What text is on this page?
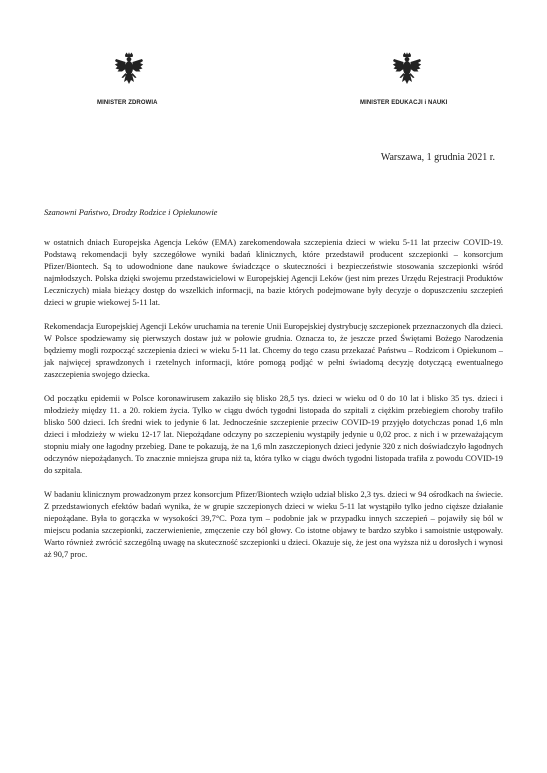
MINISTER ZDROWIA	MINISTER EDUKACJI i NAUKI
Warszawa, 1 grudnia 2021 r.
Szanowni Państwo, Drodzy Rodzice i Opiekunowie

w ostatnich dniach Europejska Agencja Leków (EMA) zarekomendowała szczepienia dzieci w wieku 5-11 lat przeciw COVID-19. Podstawą rekomendacji były szczegółowe wyniki badań klinicznych, które przedstawił producent szczepionki – konsorcjum Pfizer/Biontech. Są to udowodnione dane naukowe świadczące o skuteczności i bezpieczeństwie stosowania szczepionki wśród najmłodszych. Polska dzięki swojemu przedstawicielowi w Europejskiej Agencji Leków (jest nim prezes Urzędu Rejestracji Produktów Leczniczych) miała bieżący dostęp do wszelkich informacji, na bazie których podejmowane były decyzje o dopuszczeniu szczepień dzieci w grupie wiekowej 5-11 lat.

Rekomendacja Europejskiej Agencji Leków uruchamia na terenie Unii Europejskiej dystrybucję szczepionek przeznaczonych dla dzieci. W Polsce spodziewamy się pierwszych dostaw już w połowie grudnia. Oznacza to, że jeszcze przed Świętami Bożego Narodzenia będziemy mogli rozpocząć szczepienia dzieci w wieku 5-11 lat. Chcemy do tego czasu przekazać Państwu – Rodzicom i Opiekunom – jak najwięcej sprawdzonych i rzetelnych informacji, które pomogą podjąć w pełni świadomą decyzję dotyczącą ewentualnego zaszczepienia swojego dziecka.

Od początku epidemii w Polsce koronawirusem zakaziło się blisko 28,5 tys. dzieci w wieku od 0 do 10 lat i blisko 35 tys. dzieci i młodzieży między 11. a 20. rokiem życia. Tylko w ciągu dwóch tygodni listopada do szpitali z ciężkim przebiegiem choroby trafiło blisko 500 dzieci. Ich średni wiek to jedynie 6 lat. Jednocześnie szczepienie przeciw COVID-19 przyjęło dotychczas ponad 1,6 mln dzieci i młodzieży w wieku 12-17 lat. Niepożądane odczyny po szczepieniu wystąpiły jedynie u 0,02 proc. z nich i w przeważającym stopniu miały one łagodny przebieg. Dane te pokazują, że na 1,6 mln zaszczepionych dzieci jedynie 320 z nich doświadczyło łagodnych odczynów niepożądanych. To znacznie mniejsza grupa niż ta, która tylko w ciągu dwóch tygodni listopada trafiła z powodu COVID-19 do szpitala.

W badaniu klinicznym prowadzonym przez konsorcjum Pfizer/Biontech wzięło udział blisko 2,3 tys. dzieci w 94 ośrodkach na świecie. Z przedstawionych efektów badań wynika, że w grupie szczepionych dzieci w wieku 5-11 lat wystąpiło tylko jedno cięższe działanie niepożądane. Była to gorączka w wysokości 39,7°C. Poza tym – podobnie jak w przypadku innych szczepień – pojawiły się ból w miejscu podania szczepionki, zaczerwienienie, zmęczenie czy ból głowy. Co istotne objawy te bardzo szybko i samoistnie ustępowały. Warto również zwrócić szczególną uwagę na skuteczność szczepionki u dzieci. Okazuje się, że jest ona wyższa niż u dorosłych i wynosi aż 90,7 proc.
